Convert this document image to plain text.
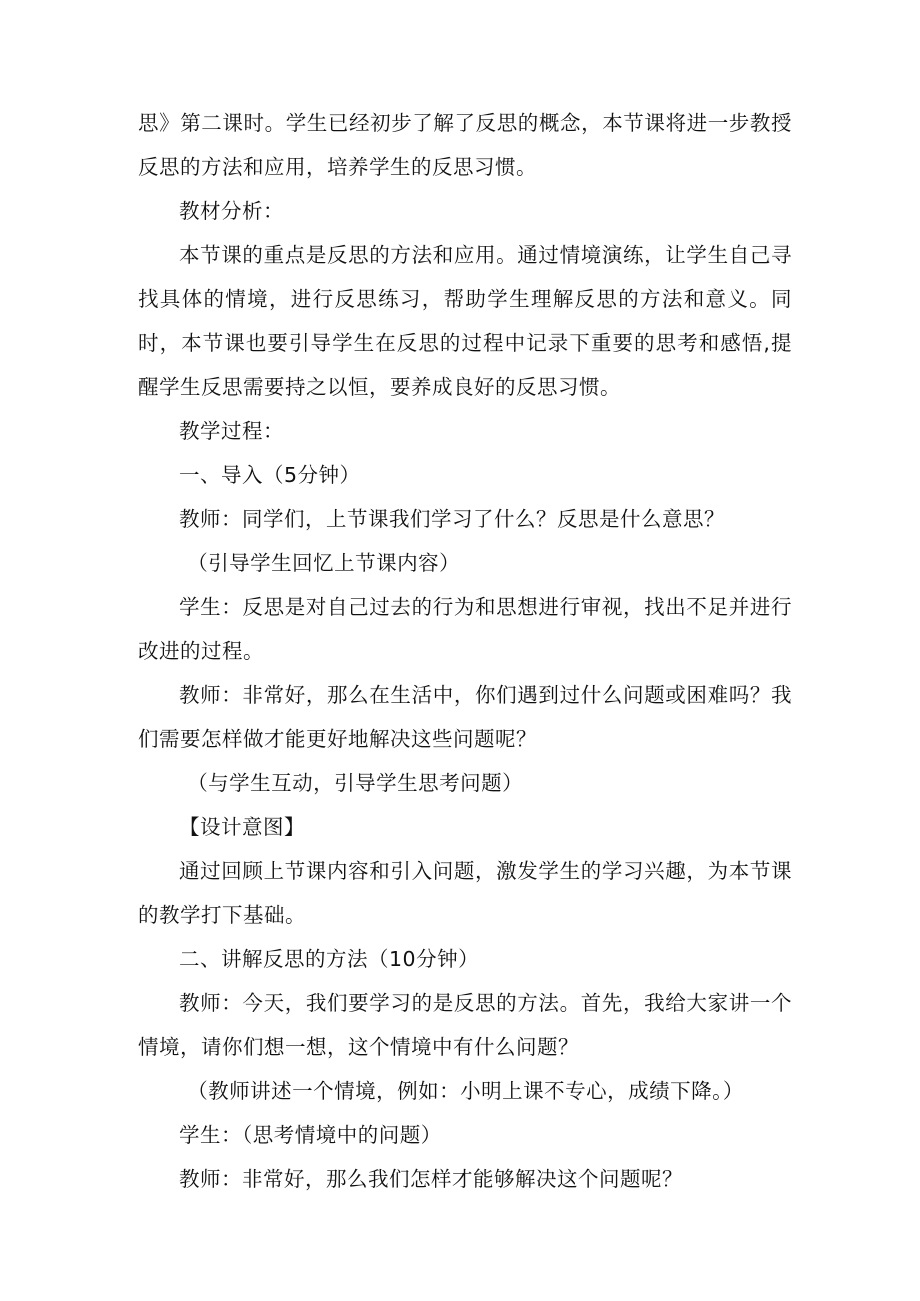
思》第二课时。学生已经初步了解了反思的概念，本节课将进一步教授反思的方法和应用，培养学生的反思习惯。

教材分析：

本节课的重点是反思的方法和应用。通过情境演练，让学生自己寻找具体的情境，进行反思练习，帮助学生理解反思的方法和意义。同时，本节课也要引导学生在反思的过程中记录下重要的思考和感悟,提醒学生反思需要持之以恒，要养成良好的反思习惯。

教学过程：

一、导入（5分钟）

教师：同学们，上节课我们学习了什么？反思是什么意思？

（引导学生回忆上节课内容）

学生：反思是对自己过去的行为和思想进行审视，找出不足并进行改进的过程。

教师：非常好，那么在生活中，你们遇到过什么问题或困难吗？我们需要怎样做才能更好地解决这些问题呢？

（与学生互动，引导学生思考问题）

【设计意图】

通过回顾上节课内容和引入问题，激发学生的学习兴趣，为本节课的教学打下基础。

二、讲解反思的方法（10分钟）

教师：今天，我们要学习的是反思的方法。首先，我给大家讲一个情境，请你们想一想，这个情境中有什么问题？

（教师讲述一个情境，例如：小明上课不专心，成绩下降。）

学生：（思考情境中的问题）

教师：非常好，那么我们怎样才能够解决这个问题呢？
